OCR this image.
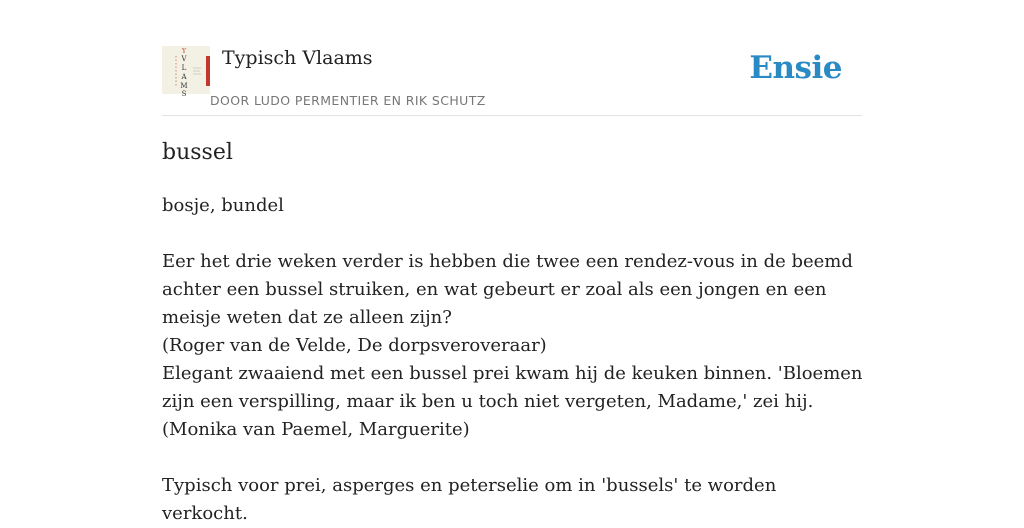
Y
V
L
A
M
S
Typisch Vlaams
DOOR LUDO PERMENTIER EN RIK SCHUTZ
Ensie
bussel

bosje, bundel

Eer het drie weken verder is hebben die twee een rendez-vous in de beemd achter een bussel struiken, en wat gebeurt er zoal als een jongen en een meisje weten dat ze alleen zijn?

(Roger van de Velde, De dorpsveroveraar)

Elegant zwaaiend met een bussel prei kwam hij de keuken binnen. 'Bloemen zijn een verspilling, maar ik ben u toch niet vergeten, Madame,' zei hij.

(Monika van Paemel, Marguerite)

Typisch voor prei, asperges en peterselie om in 'bussels' te worden verkocht.
